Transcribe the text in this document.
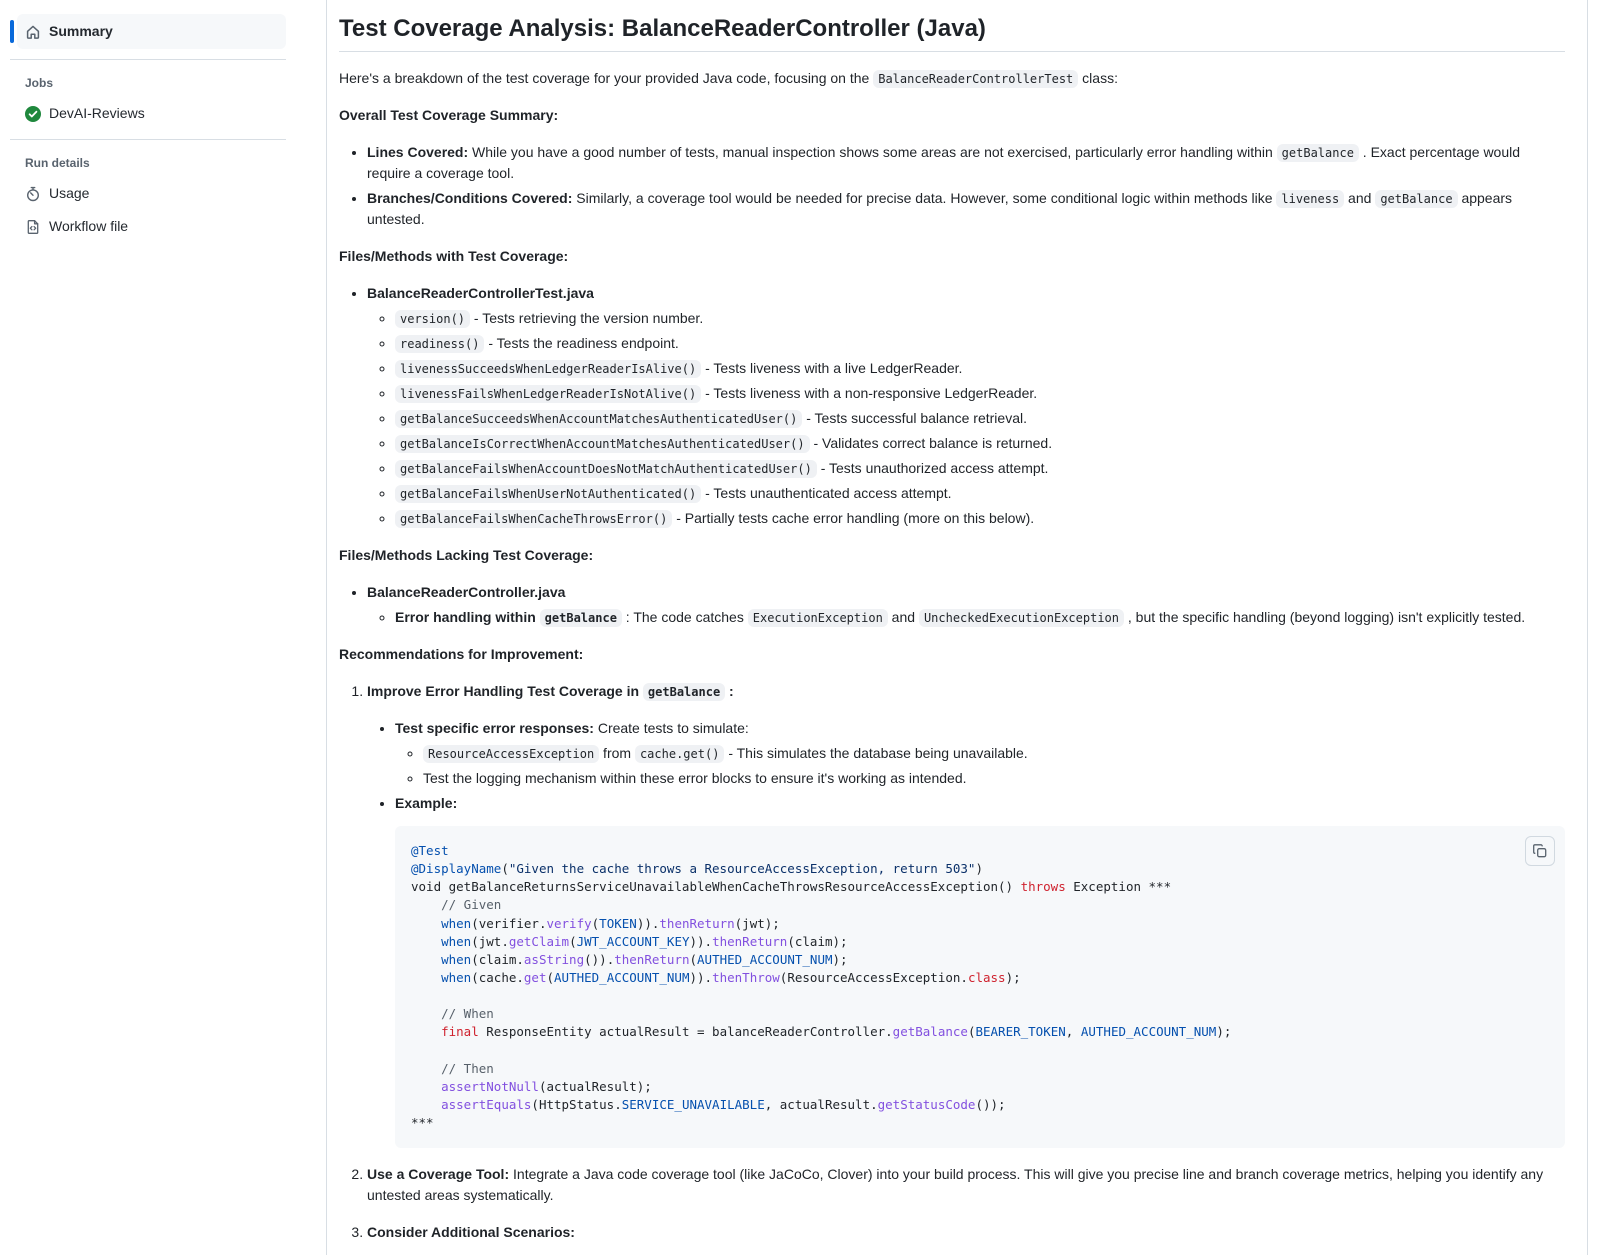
Summary
Jobs
DevAI-Reviews
Run details
Usage
Workflow file
Test Coverage Analysis: BalanceReaderController (Java)

Here's a breakdown of the test coverage for your provided Java code, focusing on the BalanceReaderControllerTest class:

Overall Test Coverage Summary:

• Lines Covered: While you have a good number of tests, manual inspection shows some areas are not exercised, particularly error handling within getBalance . Exact percentage would require a coverage tool.
• Branches/Conditions Covered: Similarly, a coverage tool would be needed for precise data. However, some conditional logic within methods like liveness and getBalance appears untested.

Files/Methods with Test Coverage:

• BalanceReaderControllerTest.java

◦ version() - Tests retrieving the version number.
◦ readiness() - Tests the readiness endpoint.
◦ livenessSucceedsWhenLedgerReaderIsAlive() - Tests liveness with a live LedgerReader.
◦ livenessFailsWhenLedgerReaderIsNotAlive() - Tests liveness with a non-responsive LedgerReader.
◦ getBalanceSucceedsWhenAccountMatchesAuthenticatedUser() - Tests successful balance retrieval.
◦ getBalanceIsCorrectWhenAccountMatchesAuthenticatedUser() - Validates correct balance is returned.
◦ getBalanceFailsWhenAccountDoesNotMatchAuthenticatedUser() - Tests unauthorized access attempt.
◦ getBalanceFailsWhenUserNotAuthenticated() - Tests unauthenticated access attempt.
◦ getBalanceFailsWhenCacheThrowsError() - Partially tests cache error handling (more on this below).

Files/Methods Lacking Test Coverage:

• BalanceReaderController.java

◦ Error handling within getBalance : The code catches ExecutionException and UncheckedExecutionException , but the specific handling (beyond logging) isn't explicitly tested.

Recommendations for Improvement:

1. Improve Error Handling Test Coverage in getBalance :

• Test specific error responses: Create tests to simulate:

◦ ResourceAccessException from cache.get() - This simulates the database being unavailable.
◦ Test the logging mechanism within these error blocks to ensure it's working as intended.

• Example:

@Test
@DisplayName("Given the cache throws a ResourceAccessException, return 503")
void getBalanceReturnsServiceUnavailableWhenCacheThrowsResourceAccessException() throws Exception ***
// Given
when(verifier.verify(TOKEN)).thenReturn(jwt);
when(jwt.getClaim(JWT_ACCOUNT_KEY)).thenReturn(claim);
when(claim.asString()).thenReturn(AUTHED_ACCOUNT_NUM);
when(cache.get(AUTHED_ACCOUNT_NUM)).thenThrow(ResourceAccessException.class);

// When
final ResponseEntity actualResult = balanceReaderController.getBalance(BEARER_TOKEN, AUTHED_ACCOUNT_NUM);

// Then
assertNotNull(actualResult);
assertEquals(HttpStatus.SERVICE_UNAVAILABLE, actualResult.getStatusCode());
***

2. Use a Coverage Tool: Integrate a Java code coverage tool (like JaCoCo, Clover) into your build process. This will give you precise line and branch coverage metrics, helping you identify any untested areas systematically.

3. Consider Additional Scenarios:
